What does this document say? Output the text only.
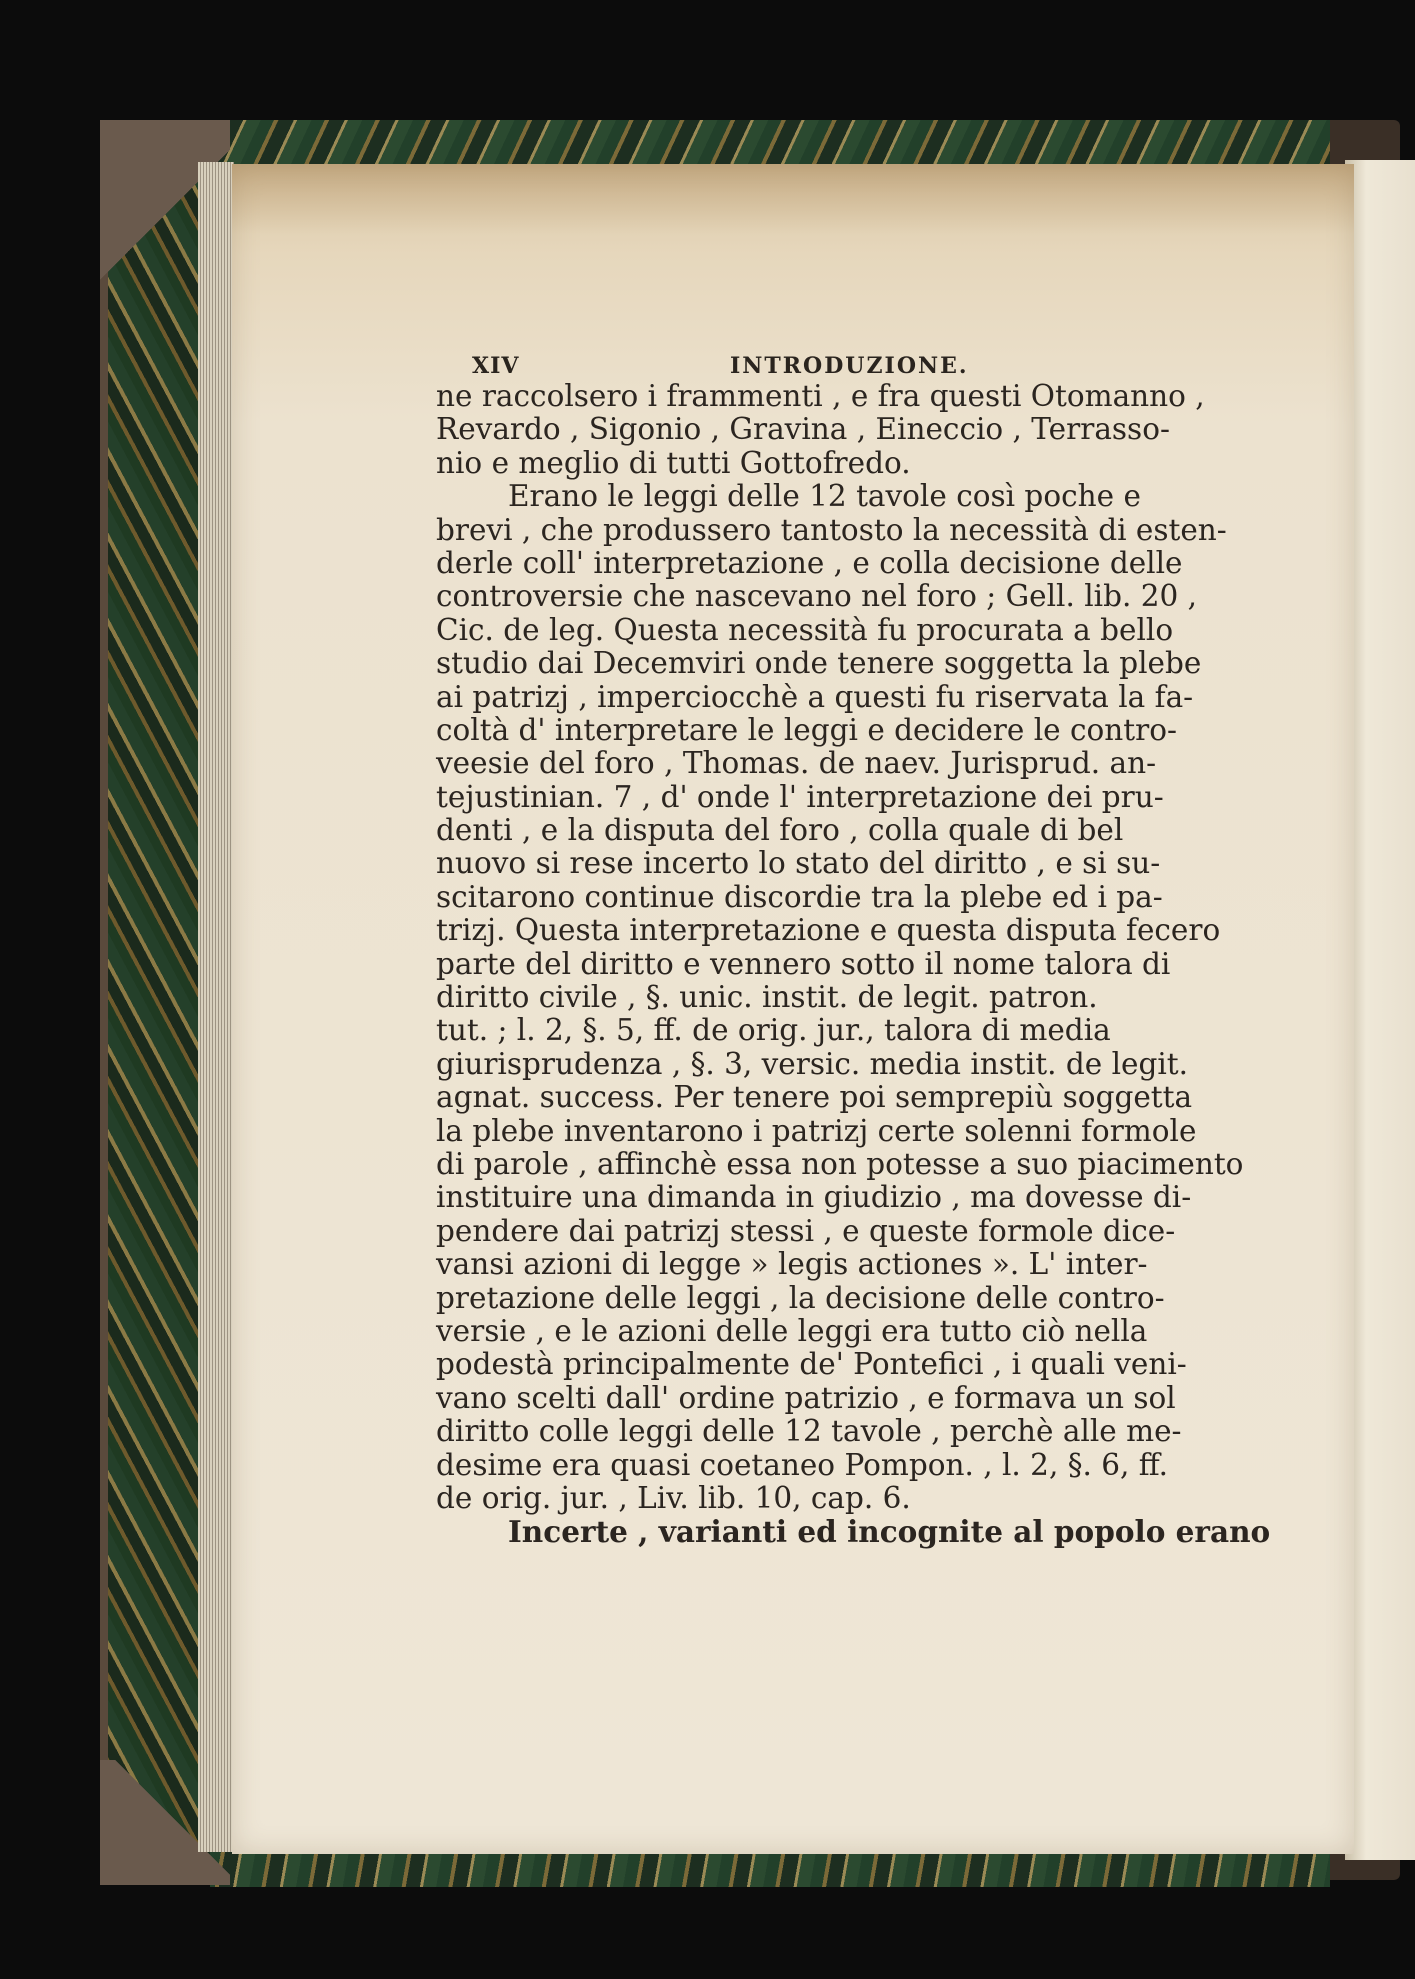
XIV	INTRODUZIONE.
ne raccolsero i frammenti , e fra questi Otomanno ,
Revardo , Sigonio , Gravina , Eineccio , Terrasso-
nio e meglio di tutti Gottofredo.
Erano le leggi delle 12 tavole così poche e
brevi , che produssero tantosto la necessità di esten-
derle coll' interpretazione , e colla decisione delle
controversie che nascevano nel foro ; Gell. lib. 20 ,
Cic. de leg. Questa necessità fu procurata a bello
studio dai Decemviri onde tenere soggetta la plebe
ai patrizj , imperciocchè a questi fu riservata la fa-
coltà d' interpretare le leggi e decidere le contro-
veesie del foro , Thomas. de naev. Jurisprud. an-
tejustinian. 7 , d' onde l' interpretazione dei pru-
denti , e la disputa del foro , colla quale di bel
nuovo si rese incerto lo stato del diritto , e si su-
scitarono continue discordie tra la plebe ed i pa-
trizj. Questa interpretazione e questa disputa fecero
parte del diritto e vennero sotto il nome talora di
diritto civile , §. unic. instit. de legit. patron.
tut. ; l. 2, §. 5, ff. de orig. jur., talora di media
giurisprudenza , §. 3, versic. media instit. de legit.
agnat. success. Per tenere poi semprepiù soggetta
la plebe inventarono i patrizj certe solenni formole
di parole , affinchè essa non potesse a suo piacimento
instituire una dimanda in giudizio , ma dovesse di-
pendere dai patrizj stessi , e queste formole dice-
vansi azioni di legge » legis actiones ». L' inter-
pretazione delle leggi , la decisione delle contro-
versie , e le azioni delle leggi era tutto ciò nella
podestà principalmente de' Pontefici , i quali veni-
vano scelti dall' ordine patrizio , e formava un sol
diritto colle leggi delle 12 tavole , perchè alle me-
desime era quasi coetaneo Pompon. , l. 2, §. 6, ff.
de orig. jur. , Liv. lib. 10, cap. 6.
Incerte , varianti ed incognite al popolo erano
